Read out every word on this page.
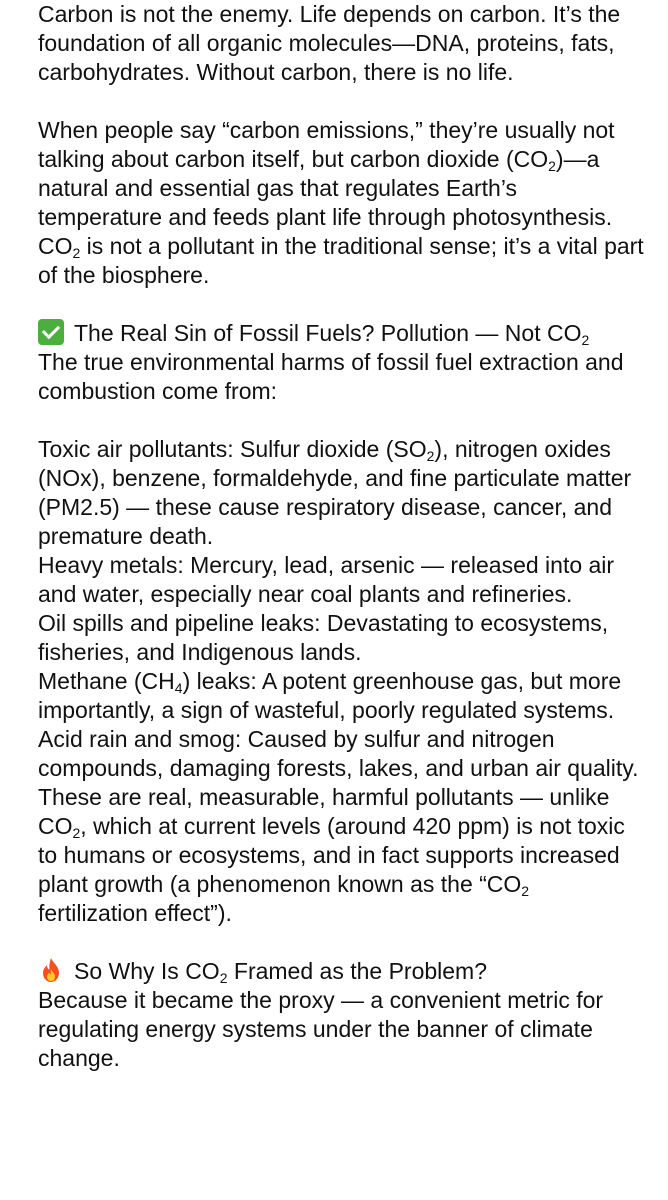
Carbon is not the enemy. Life depends on carbon. It’s the foundation of all organic molecules—DNA, proteins, fats, carbohydrates. Without carbon, there is no life.

When people say “carbon emissions,” they’re usually not talking about carbon itself, but carbon dioxide $(CO_2)—a$ natural and essential gas that regulates Earth’s temperature and feeds plant life through photosynthesis. $CO_2$ is not a pollutant in the traditional sense; it’s a vital part of the biosphere.

The Real Sin of Fossil Fuels? Pollution — Not $CO_2$

The true environmental harms of fossil fuel extraction and combustion come from:

Toxic air pollutants: Sulfur dioxide $(SO_2)$, nitrogen oxides (NOx), benzene, formaldehyde, and fine particulate matter (PM2.5) — these cause respiratory disease, cancer, and premature death.

Heavy metals: Mercury, lead, arsenic — released into air and water, especially near coal plants and refineries.

Oil spills and pipeline leaks: Devastating to ecosystems, fisheries, and Indigenous lands.

Methane $(CH_4)$ leaks: A potent greenhouse gas, but more importantly, a sign of wasteful, poorly regulated systems.

Acid rain and smog: Caused by sulfur and nitrogen compounds, damaging forests, lakes, and urban air quality.

These are real, measurable, harmful pollutants — unlike $CO_2$, which at current levels (around 420 ppm) is not toxic to humans or ecosystems, and in fact supports increased plant growth (a phenomenon known as the “$CO_2$ fertilization effect”).

So Why Is $CO_2$ Framed as the Problem?

Because it became the proxy — a convenient metric for regulating energy systems under the banner of climate change.
